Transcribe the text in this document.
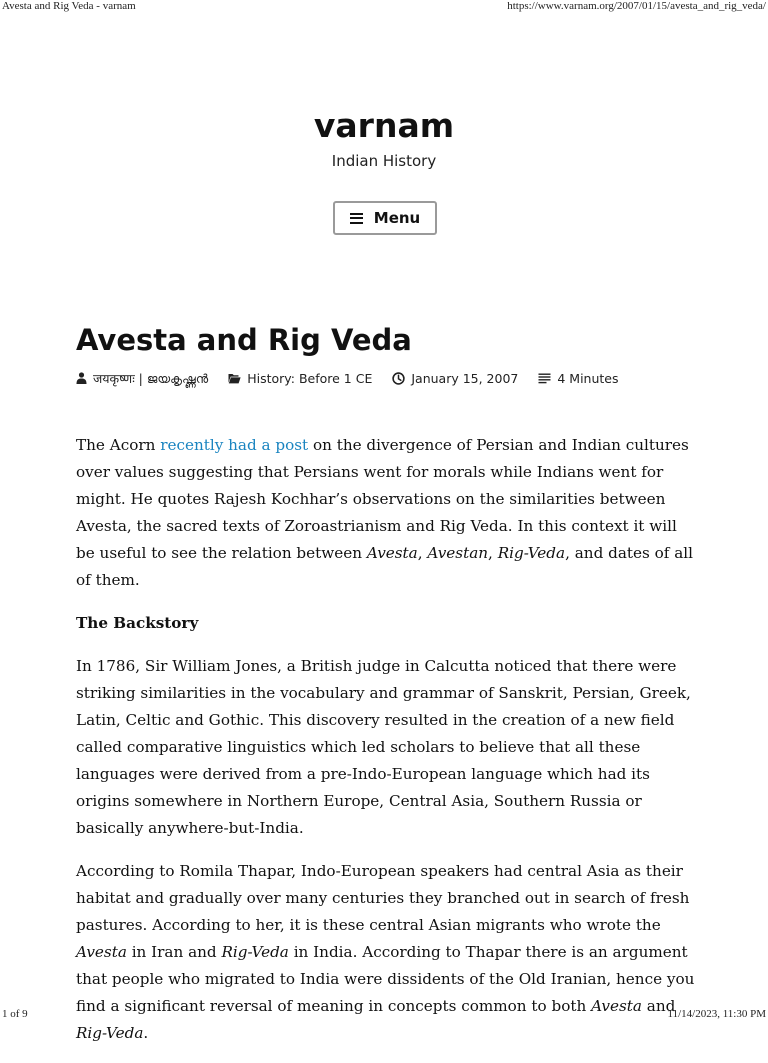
Avesta and Rig Veda - varnam	https://www.varnam.org/2007/01/15/avesta_and_rig_veda/
varnam
Indian History
Menu
Avesta and Rig Veda
जयकृष्णः | ജയകൃഷ്ണൻ	History: Before 1 CE	January 15, 2007	4 Minutes

The Acorn recently had a post on the divergence of Persian and Indian cultures over values suggesting that Persians went for morals while Indians went for might. He quotes Rajesh Kochhar’s observations on the similarities between Avesta, the sacred texts of Zoroastrianism and Rig Veda. In this context it will be useful to see the relation between Avesta, Avestan, Rig-Veda, and dates of all of them.

The Backstory

In 1786, Sir William Jones, a British judge in Calcutta noticed that there were striking similarities in the vocabulary and grammar of Sanskrit, Persian, Greek, Latin, Celtic and Gothic. This discovery resulted in the creation of a new field called comparative linguistics which led scholars to believe that all these languages were derived from a pre-Indo-European language which had its origins somewhere in Northern Europe, Central Asia, Southern Russia or basically anywhere-but-India.

According to Romila Thapar, Indo-European speakers had central Asia as their habitat and gradually over many centuries they branched out in search of fresh pastures. According to her, it is these central Asian migrants who wrote the Avesta in Iran and Rig-Veda in India. According to Thapar there is an argument that people who migrated to India were dissidents of the Old Iranian, hence you find a significant reversal of meaning in concepts common to both Avesta and Rig-Veda.

1 of 9	11/14/2023, 11:30 PM
